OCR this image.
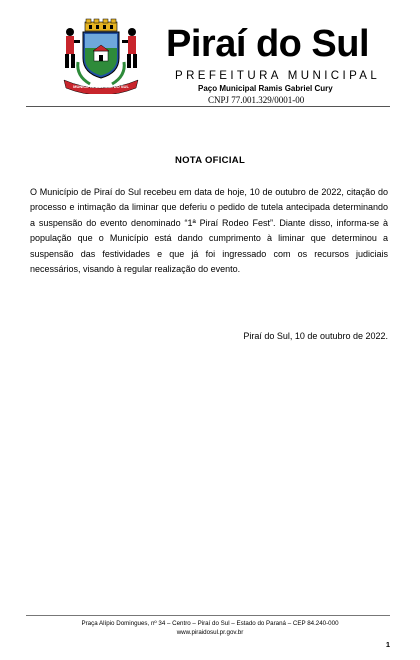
MUNICÍPIO DE PIRAÍ DO SUL
Piraí do Sul
PREFEITURA MUNICIPAL
Paço Municipal Ramis Gabriel Cury
CNPJ 77.001.329/0001-00
NOTA OFICIAL

O Município de Piraí do Sul recebeu em data de hoje, 10 de outubro de 2022, citação do processo e intimação da liminar que deferiu o pedido de tutela antecipada determinando a suspensão do evento denominado “1ª Piraí Rodeo Fest”. Diante disso, informa-se à população que o Município está dando cumprimento à liminar que determinou a suspensão das festividades e que já foi ingressado com os recursos judiciais necessários, visando à regular realização do evento.

Piraí do Sul, 10 de outubro de 2022.
Praça Alípio Domingues, nº 34 – Centro – Piraí do Sul – Estado do Paraná – CEP 84.240-000
www.piraidosul.pr.gov.br
1
